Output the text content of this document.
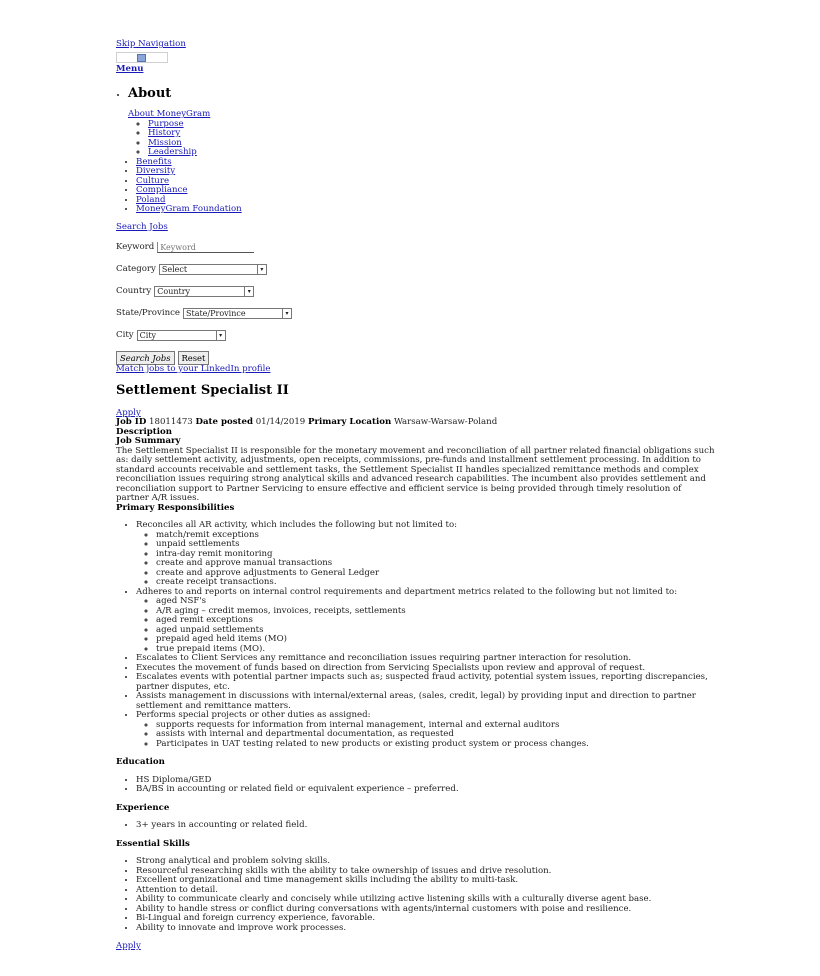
Skip Navigation
Menu
• About
About MoneyGram
◦ Purpose
◦ History
◦ Mission
◦ Leadership
• Benefits
• Diversity
• Culture
• Compliance
• Poland
• MoneyGram Foundation
Search Jobs
Keyword
Keyword
Category Select	▾
Country Country	▾
State/Province State/Province	▾
City City	▾
Search Jobs	Reset
Match jobs to your LinkedIn profile
Settlement Specialist II
Apply
Job ID 18011473 Date posted 01/14/2019 Primary Location Warsaw-Warsaw-Poland
Description
Job Summary

The Settlement Specialist II is responsible for the monetary movement and reconciliation of all partner related financial obligations such as: daily settlement activity, adjustments, open receipts, commissions, pre-funds and installment settlement processing. In addition to standard accounts receivable and settlement tasks, the Settlement Specialist II handles specialized remittance methods and complex reconciliation issues requiring strong analytical skills and advanced research capabilities. The incumbent also provides settlement and reconciliation support to Partner Servicing to ensure effective and efficient service is being provided through timely resolution of partner A/R issues.

Primary Responsibilities
• Reconciles all AR activity, which includes the following but not limited to:
◦ match/remit exceptions
◦ unpaid settlements
◦ intra-day remit monitoring
◦ create and approve manual transactions
◦ create and approve adjustments to General Ledger
◦ create receipt transactions.
• Adheres to and reports on internal control requirements and department metrics related to the following but not limited to:
◦ aged NSF's
◦ A/R aging – credit memos, invoices, receipts, settlements
◦ aged remit exceptions
◦ aged unpaid settlements
◦ prepaid aged held items (MO)
◦ true prepaid items (MO).
• Escalates to Client Services any remittance and reconciliation issues requiring partner interaction for resolution.
• Executes the movement of funds based on direction from Servicing Specialists upon review and approval of request.
• Escalates events with potential partner impacts such as; suspected fraud activity, potential system issues, reporting discrepancies, partner disputes, etc.
• Assists management in discussions with internal/external areas, (sales, credit, legal) by providing input and direction to partner settlement and remittance matters.
• Performs special projects or other duties as assigned:
◦ supports requests for information from internal management, internal and external auditors
◦ assists with internal and departmental documentation, as requested
◦ Participates in UAT testing related to new products or existing product system or process changes.
Education
• HS Diploma/GED
• BA/BS in accounting or related field or equivalent experience – preferred.
Experience
• 3+ years in accounting or related field.
Essential Skills
• Strong analytical and problem solving skills.
• Resourceful researching skills with the ability to take ownership of issues and drive resolution.
• Excellent organizational and time management skills including the ability to multi-task.
• Attention to detail.
• Ability to communicate clearly and concisely while utilizing active listening skills with a culturally diverse agent base.
• Ability to handle stress or conflict during conversations with agents/internal customers with poise and resilience.
• Bi-Lingual and foreign currency experience, favorable.
• Ability to innovate and improve work processes.
Apply
